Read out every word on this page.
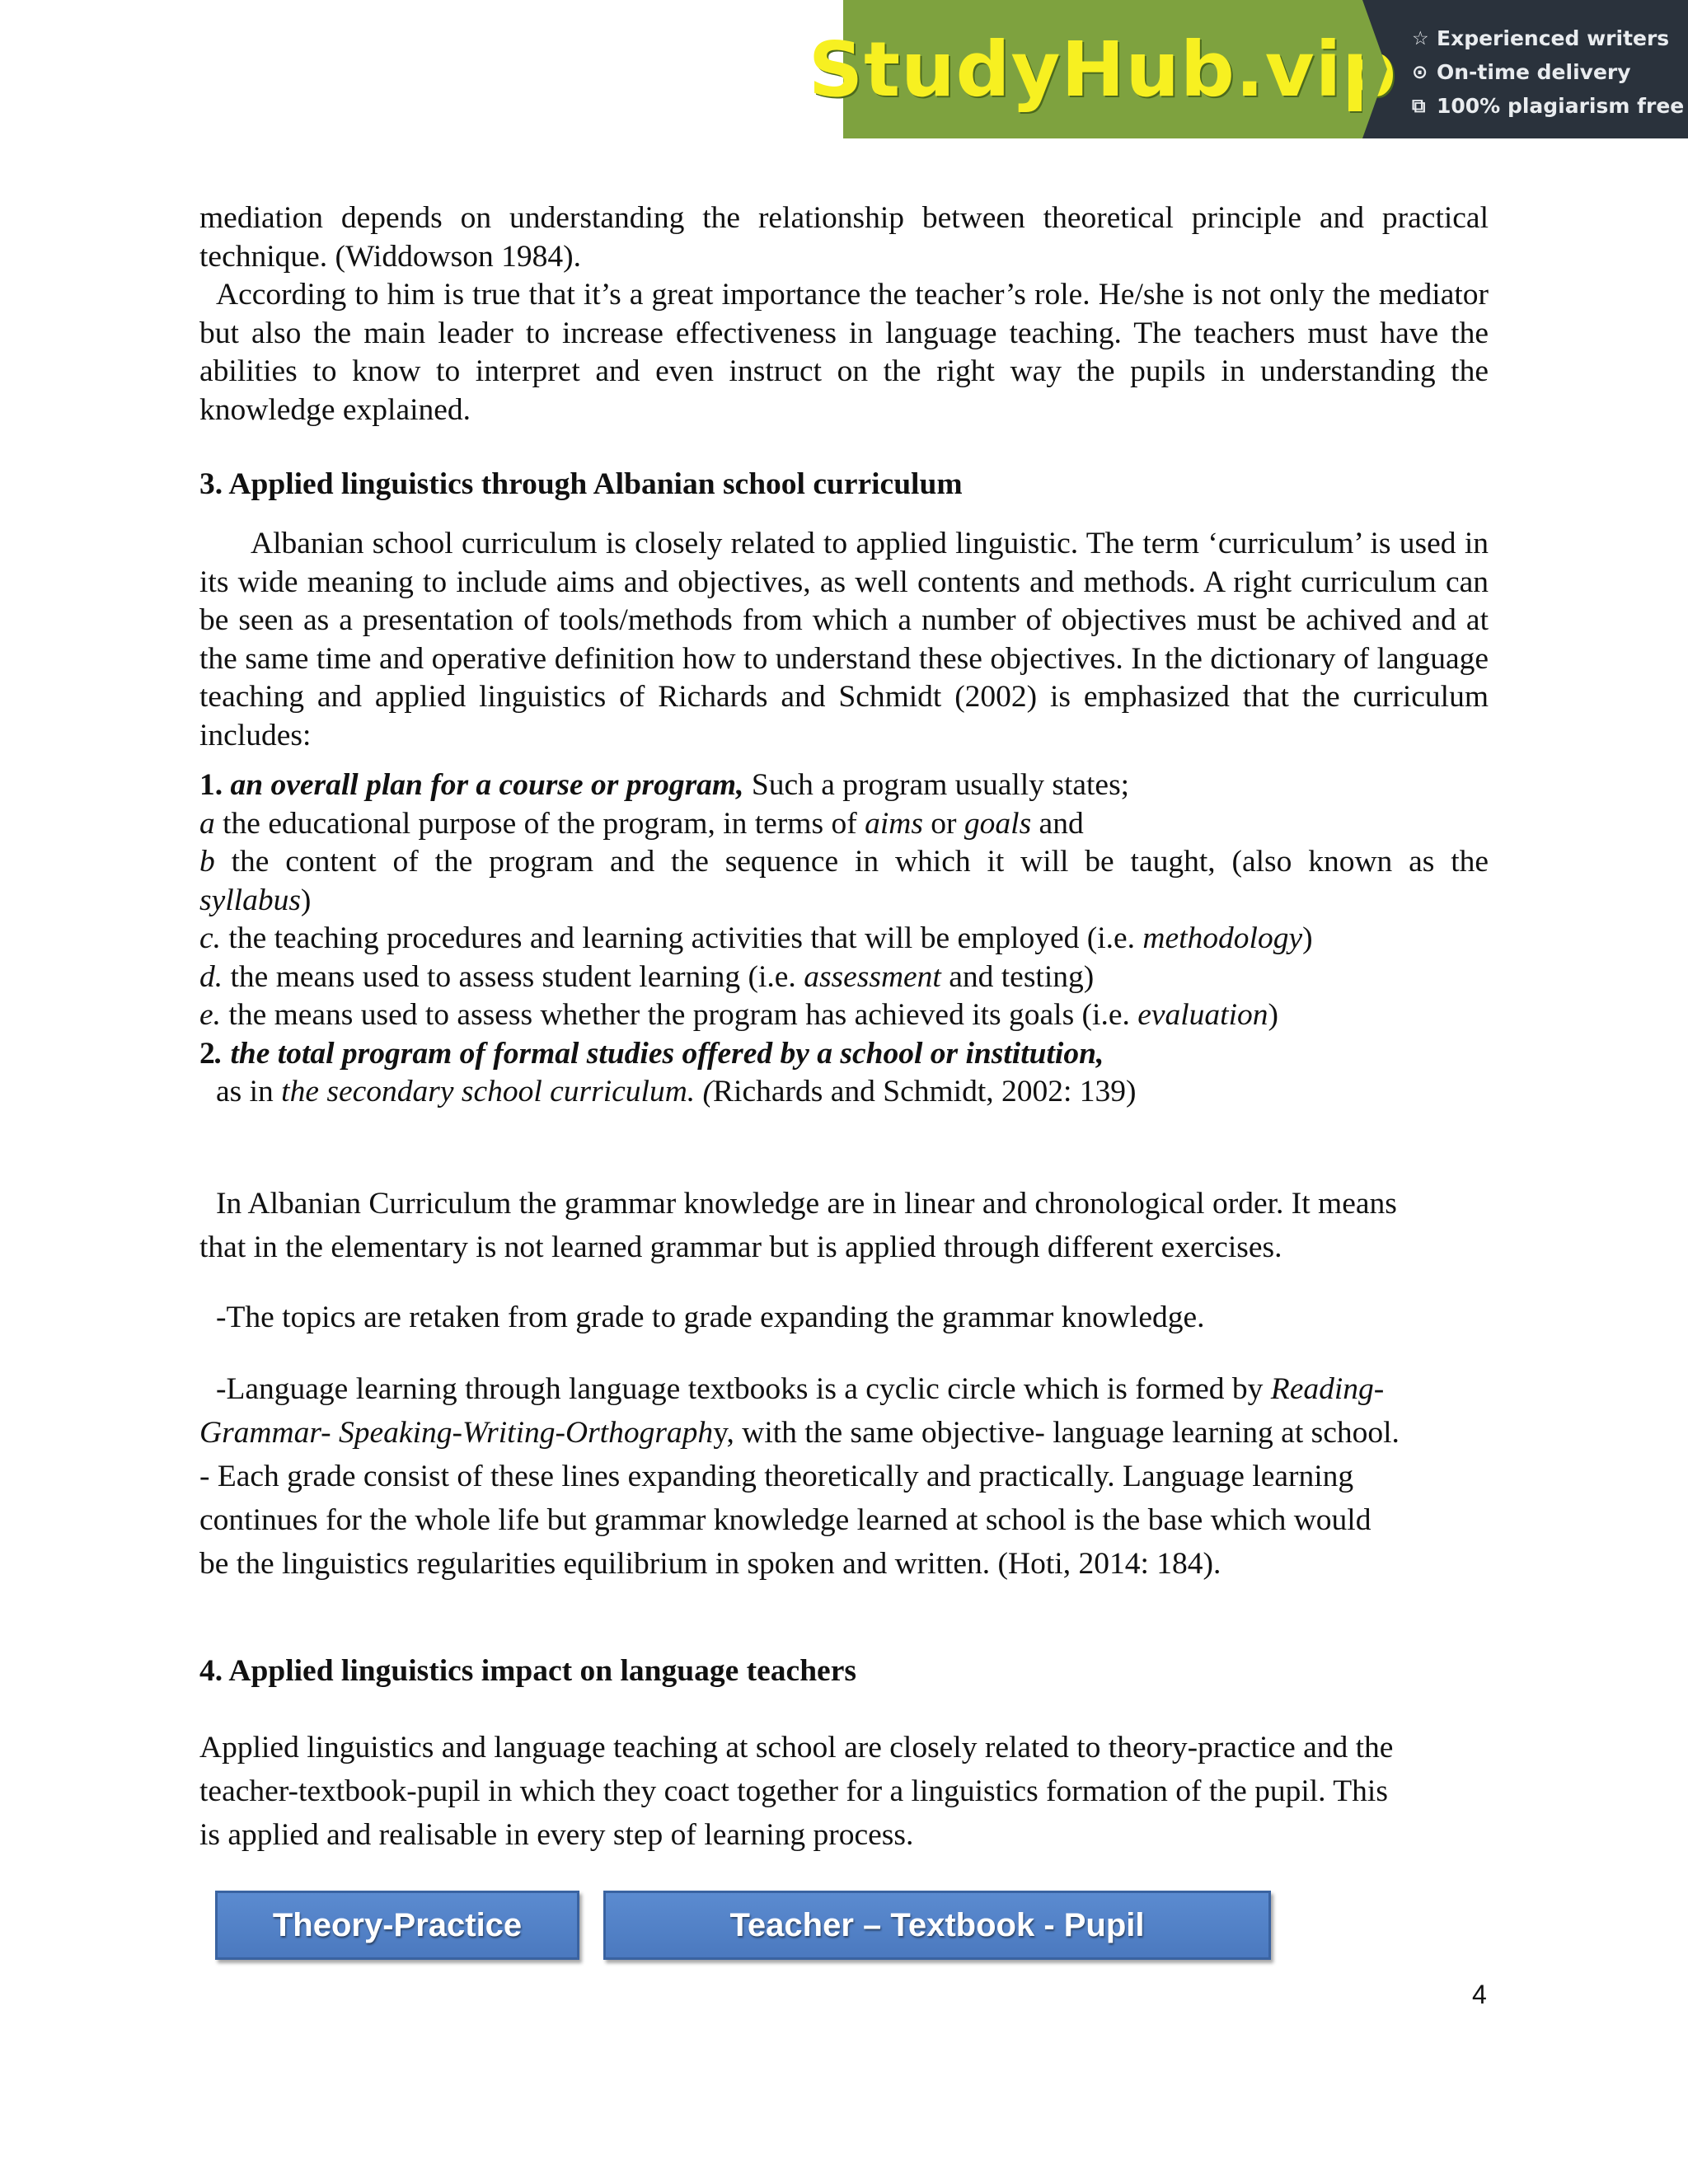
StudyHub.vip ☆ Experienced writers
⊙ On-time delivery
⧉ 100% plagiarism free
mediation depends on understanding the relationship between theoretical principle and practical
technique. (Widdowson 1984).
According to him is true that it’s a great importance the teacher’s role. He/she is not only the mediator but also the main leader to increase effectiveness in language teaching. The teachers must have the abilities to know to interpret and even instruct on the right way the pupils in understanding the knowledge explained.
3. Applied linguistics through Albanian school curriculum
Albanian school curriculum is closely related to applied linguistic. The term ‘curriculum’ is used in its wide meaning to include aims and objectives, as well contents and methods. A right curriculum can be seen as a presentation of tools/methods from which a number of objectives must be achived and at the same time and operative definition how to understand these objectives. In the dictionary of language teaching and applied linguistics of Richards and Schmidt (2002) is emphasized that the curriculum includes:
1. an overall plan for a course or program, Such a program usually states;
a the educational purpose of the program, in terms of aims or goals and
b the content of the program and the sequence in which it will be taught, (also known as the
syllabus)
c. the teaching procedures and learning activities that will be employed (i.e. methodology)
d. the means used to assess student learning (i.e. assessment and testing)
e. the means used to assess whether the program has achieved its goals (i.e. evaluation)
2. the total program of formal studies offered by a school or institution,
as in the secondary school curriculum. (Richards and Schmidt, 2002: 139)
In Albanian Curriculum the grammar knowledge are in linear and chronological order. It means
that in the elementary is not learned grammar but is applied through different exercises.
-The topics are retaken from grade to grade expanding the grammar knowledge.
-Language learning through language textbooks is a cyclic circle which is formed by Reading-
Grammar- Speaking-Writing-Orthography, with the same objective- language learning at school.
- Each grade consist of these lines expanding theoretically and practically. Language learning
continues for the whole life but grammar knowledge learned at school is the base which would
be the linguistics regularities equilibrium in spoken and written. (Hoti, 2014: 184).
4. Applied linguistics impact on language teachers
Applied linguistics and language teaching at school are closely related to theory-practice and the
teacher-textbook-pupil in which they coact together for a linguistics formation of the pupil. This
is applied and realisable in every step of learning process.
Theory-Practice	Teacher – Textbook - Pupil
4
